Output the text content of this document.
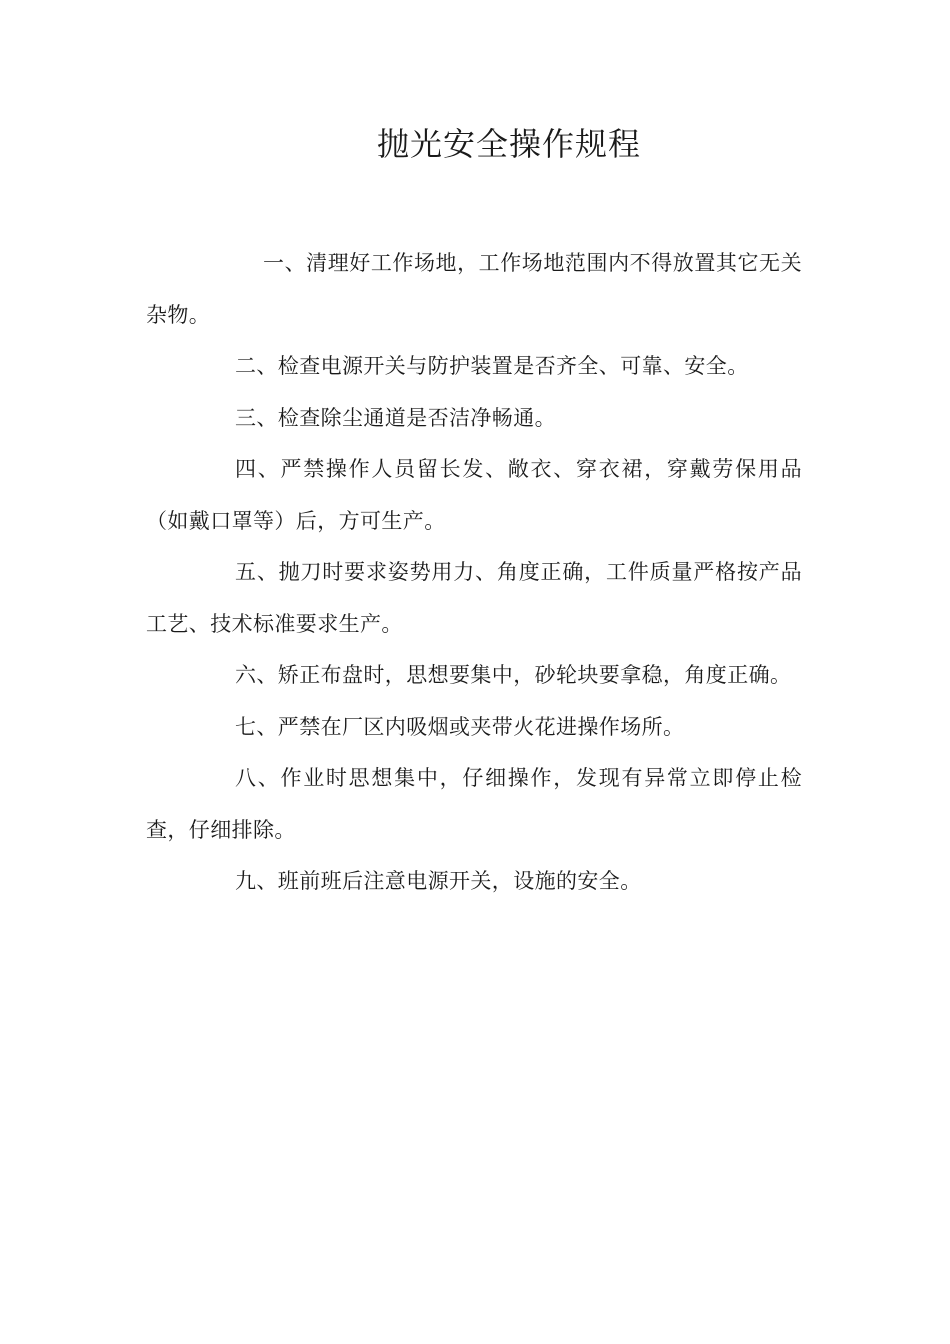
抛光安全操作规程

一、清理好工作场地，工作场地范围内不得放置其它无关杂物。

二、检查电源开关与防护装置是否齐全、可靠、安全。

三、检查除尘通道是否洁净畅通。

四、严禁操作人员留长发、敞衣、穿衣裙，穿戴劳保用品（如戴口罩等）后，方可生产。

五、抛刀时要求姿势用力、角度正确，工件质量严格按产品工艺、技术标准要求生产。

六、矫正布盘时，思想要集中，砂轮块要拿稳，角度正确。

七、严禁在厂区内吸烟或夹带火花进操作场所。

八、作业时思想集中，仔细操作，发现有异常立即停止检查，仔细排除。

九、班前班后注意电源开关，设施的安全。
